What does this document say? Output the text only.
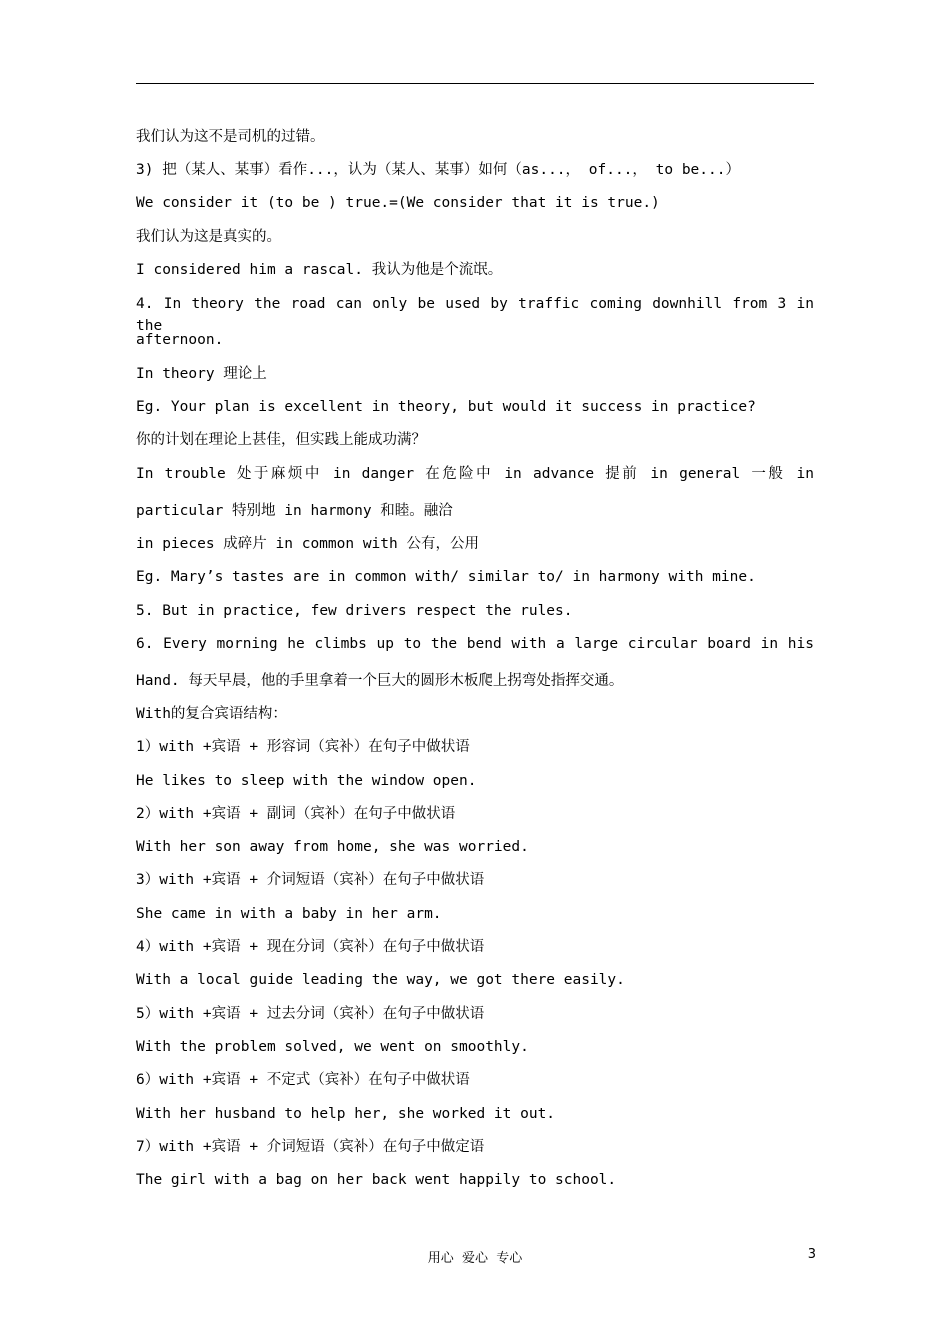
我们认为这不是司机的过错。
3) 把（某人、某事）看作...，认为（某人、某事）如何（as...， of...， to be...）
We consider it (to be ) true.=(We consider that it is true.)
我们认为这是真实的。
I considered him a rascal. 我认为他是个流氓。
4. In theory the road can only be used by traffic coming downhill from 3 in the
afternoon.
In theory 理论上
Eg. Your plan is excellent in theory, but would it success in practice?
你的计划在理论上甚佳，但实践上能成功满？
In trouble 处于麻烦中 in danger 在危险中 in advance 提前 in general 一般 in
particular 特别地 in harmony 和睦。融洽
in pieces 成碎片 in common with 公有，公用
Eg. Mary’s tastes are in common with/ similar to/ in harmony with mine.
5. But in practice, few drivers respect the rules.
6. Every morning he climbs up to the bend with a large circular board in his
Hand. 每天早晨，他的手里拿着一个巨大的圆形木板爬上拐弯处指挥交通。
With的复合宾语结构：
1）with +宾语 + 形容词（宾补）在句子中做状语
He likes to sleep with the window open.
2）with +宾语 + 副词（宾补）在句子中做状语
With her son away from home, she was worried.
3）with +宾语 + 介词短语（宾补）在句子中做状语
She came in with a baby in her arm.
4）with +宾语 + 现在分词（宾补）在句子中做状语
With a local guide leading the way, we got there easily.
5）with +宾语 + 过去分词（宾补）在句子中做状语
With the problem solved, we went on smoothly.
6）with +宾语 + 不定式（宾补）在句子中做状语
With her husband to help her, she worked it out.
7）with +宾语 + 介词短语（宾补）在句子中做定语
The girl with a bag on her back went happily to school.
用心  爱心  专心	3
